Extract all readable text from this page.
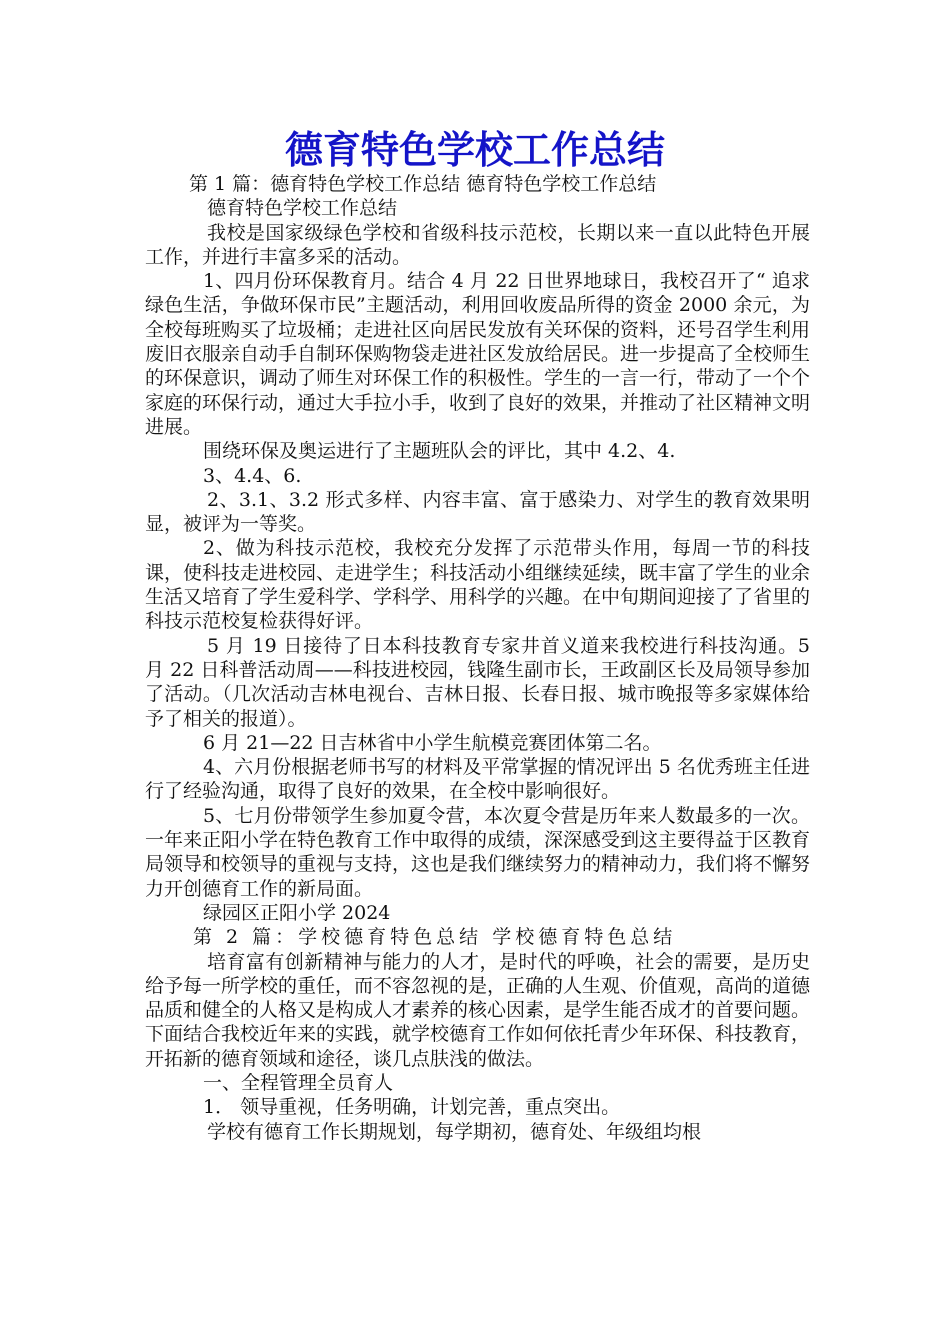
德育特色学校工作总结

第 1 篇：德育特色学校工作总结 德育特色学校工作总结

德育特色学校工作总结

我校是国家级绿色学校和省级科技示范校，长期以来一直以此特色开展工作，并进行丰富多采的活动。

1、四月份环保教育月。结合 4 月 22 日世界地球日，我校召开了“ 追求绿色生活，争做环保市民”主题活动，利用回收废品所得的资金 2000 余元，为全校每班购买了垃圾桶；走进社区向居民发放有关环保的资料，还号召学生利用废旧衣服亲自动手自制环保购物袋走进社区发放给居民。进一步提高了全校师生的环保意识，调动了师生对环保工作的积极性。学生的一言一行，带动了一个个家庭的环保行动，通过大手拉小手，收到了良好的效果，并推动了社区精神文明进展。

围绕环保及奥运进行了主题班队会的评比，其中 4.2、4.

3、4.4、6.

2、3.1、3.2 形式多样、内容丰富、富于感染力、对学生的教育效果明显，被评为一等奖。

2、做为科技示范校，我校充分发挥了示范带头作用，每周一节的科技课，使科技走进校园、走进学生；科技活动小组继续延续，既丰富了学生的业余生活又培育了学生爱科学、学科学、用科学的兴趣。在中旬期间迎接了了省里的科技示范校复检获得好评。

5 月 19 日接待了日本科技教育专家井首义道来我校进行科技沟通。5 月 22 日科普活动周——科技进校园，钱隆生副市长，王政副区长及局领导参加了活动。（几次活动吉林电视台、吉林日报、长春日报、城市晚报等多家媒体给予了相关的报道）。

6 月 21—22 日吉林省中小学生航模竞赛团体第二名。

4、六月份根据老师书写的材料及平常掌握的情况评出 5 名优秀班主任进行了经验沟通，取得了良好的效果，在全校中影响很好。

5、七月份带领学生参加夏令营，本次夏令营是历年来人数最多的一次。 一年来正阳小学在特色教育工作中取得的成绩，深深感受到这主要得益于区教育局领导和校领导的重视与支持，这也是我们继续努力的精神动力，我们将不懈努力开创德育工作的新局面。

绿园区正阳小学 2024

第 2 篇：学校德育特色总结 学校德育特色总结

培育富有创新精神与能力的人才，是时代的呼唤，社会的需要，是历史给予每一所学校的重任，而不容忽视的是，正确的人生观、价值观，高尚的道德品质和健全的人格又是构成人才素养的核心因素，是学生能否成才的首要问题。下面结合我校近年来的实践，就学校德育工作如何依托青少年环保、科技教育，开拓新的德育领域和途径，谈几点肤浅的做法。

一、全程管理全员育人

1． 领导重视，任务明确，计划完善，重点突出。

学校有德育工作长期规划，每学期初，德育处、年级组均根
